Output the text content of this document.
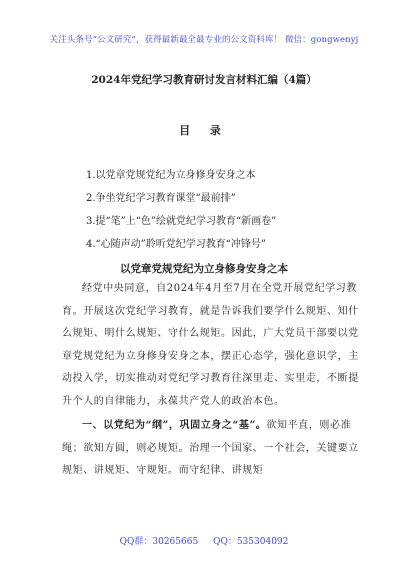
关注头条号“公文研究”，获得最新最全最专业的公文资料库！ 微信：gongwenyj
2024年党纪学习教育研讨发言材料汇编（4篇）
目 录
1.以党章党规党纪为立身修身安身之本
2.争坐党纪学习教育课堂“最前排”
3.提“笔”上“色”绘就党纪学习教育“新画卷”
4.“心随声动”聆听党纪学习教育“冲锋号”
以党章党规党纪为立身修身安身之本
经党中央同意，自2024年4月至7月在全党开展党纪学习教育。开展这次党纪学习教育，就是告诉我们要学什么规矩、知什么规矩、明什么规矩、守什么规矩。因此，广大党员干部要以党章党规党纪为立身修身安身之本，摆正心态学，强化意识学，主动投入学，切实推动对党纪学习教育往深里走、实里走，不断提升个人的自律能力，永葆共产党人的政治本色。
一、以党纪为“纲”，巩固立身之“基”。欲知平直，则必准绳；欲知方圆，则必规矩。治理一个国家、一个社会，关键要立规矩、讲规矩、守规矩。而守纪律、讲规矩
QQ群：30265665 QQ：535304092
